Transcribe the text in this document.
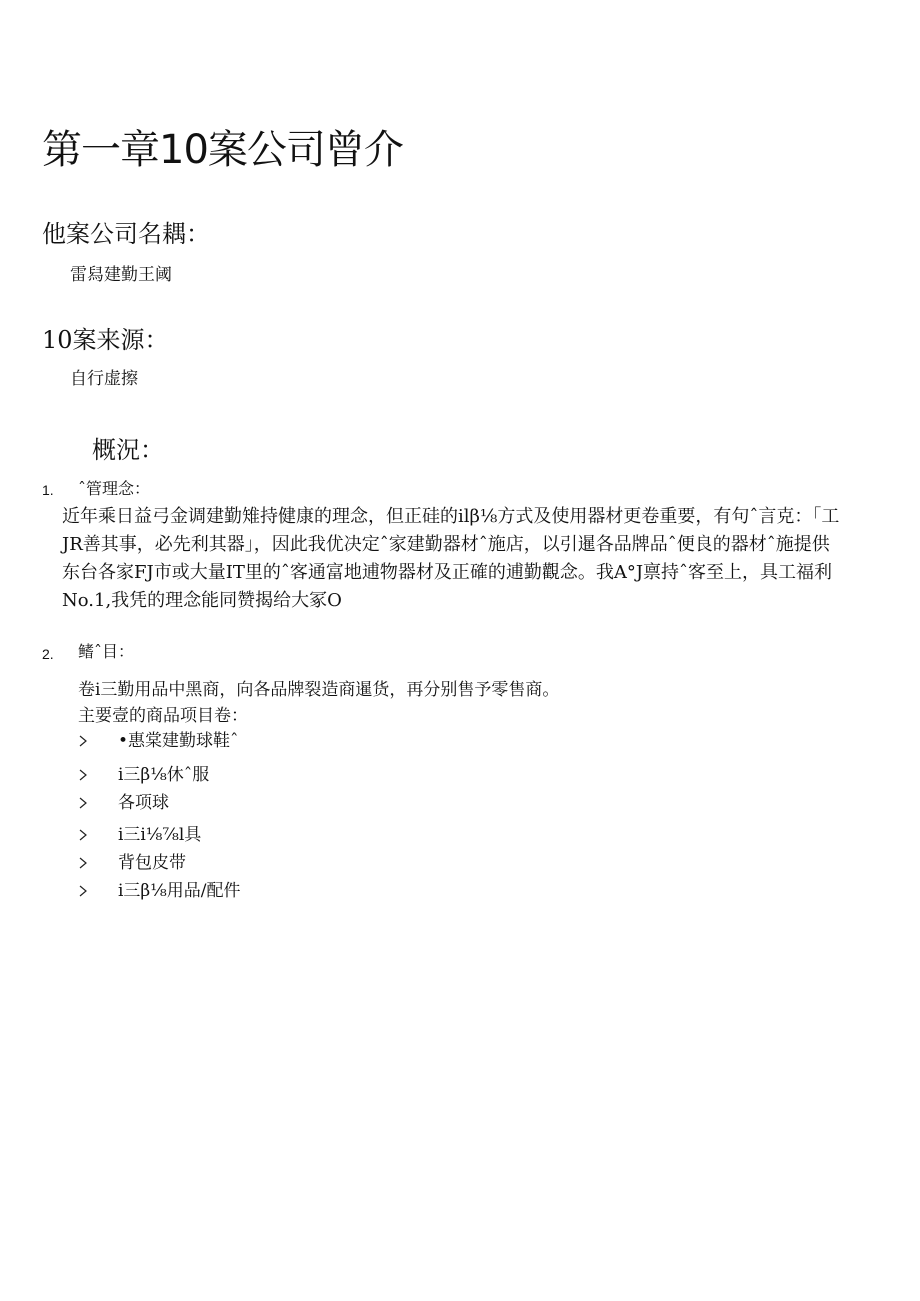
第一章10案公司曾介
他案公司名耦：
雷舄建勤王阈
10案来源：
自行虚擦
概況：
1. ˆ管理念：
近年乘日益弓金调建勤雉持健康的理念，但正硅的ilβ⅛方式及使用器材更卷重要，有句ˆ言克：「工
JR善其事，必先利其器」，因此我优决定ˆ家建勤器材ˆ施店，以引暹各品牌品ˆ便良的器材ˆ施提供
东台各家FJ市或大量IT里的ˆ客通富地逋物器材及正確的逋勤觀念。我A°J禀持ˆ客至上，具工福利
No.1,我凭的理念能同赞揭给大冢O
2. 鳍ˆ目：
卷i三勤用品中黑商，向各品牌裂造商暹货，再分别售予零售商。
主要壹的商品项目卷：
•惠棠建勤球鞋ˆ
i三β⅛休ˆ服
各项球
i三i⅛⅞l具
背包皮带
i三β⅛用品/配件
